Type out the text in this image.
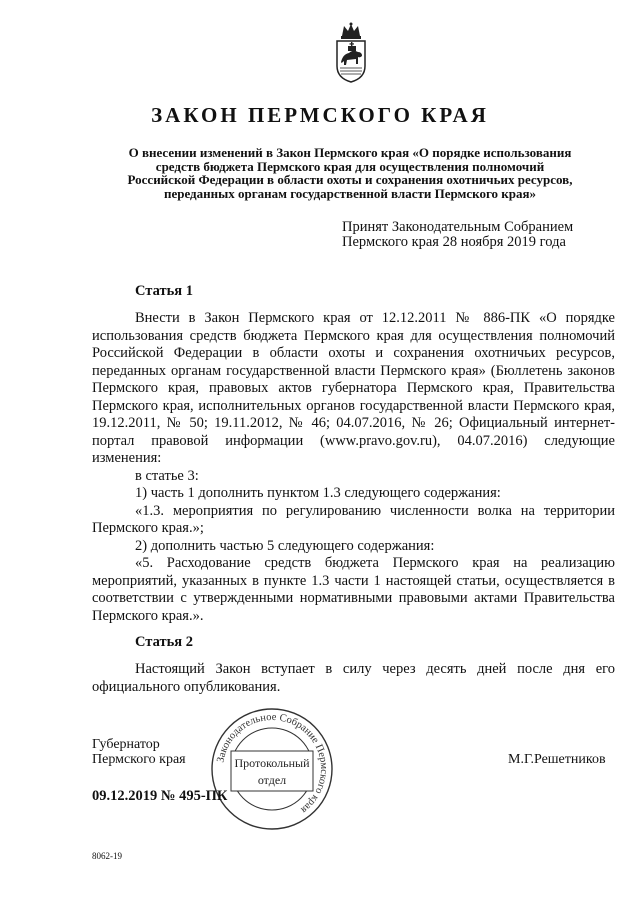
ЗАКОН ПЕРМСКОГО КРАЯ
О внесении изменений в Закон Пермского края «О порядке использования
средств бюджета Пермского края для осуществления полномочий
Российской Федерации в области охоты и сохранения охотничьих ресурсов,
переданных органам государственной власти Пермского края»
Принят Законодательным Собранием
Пермского края 28 ноября 2019 года
Статья 1

Внести в Закон Пермского края от 12.12.2011 № 886-ПК «О порядке использования средств бюджета Пермского края для осуществления полномочий Российской Федерации в области охоты и сохранения охотничьих ресурсов, переданных органам государственной власти Пермского края» (Бюллетень законов Пермского края, правовых актов губернатора Пермского края, Правительства Пермского края, исполнительных органов государственной власти Пермского края, 19.12.2011, № 50; 19.11.2012, № 46; 04.07.2016, № 26; Официальный интернет-портал правовой информации (www.pravo.gov.ru), 04.07.2016) следующие изменения:

в статье 3:

1) часть 1 дополнить пунктом 1.3 следующего содержания:

«1.3. мероприятия по регулированию численности волка на территории Пермского края.»;

2) дополнить частью 5 следующего содержания:

«5. Расходование средств бюджета Пермского края на реализацию мероприятий, указанных в пункте 1.3 части 1 настоящей статьи, осуществляется в соответствии с утвержденными нормативными правовыми актами Правительства Пермского края.».

Статья 2

Настоящий Закон вступает в силу через десять дней после дня его официального опубликования.

Губернатор
Пермского края	М.Г.Решетников
Законодательное Собрание Пермского края
Протокольный
отдел
09.12.2019 № 495-ПК
8062-19
